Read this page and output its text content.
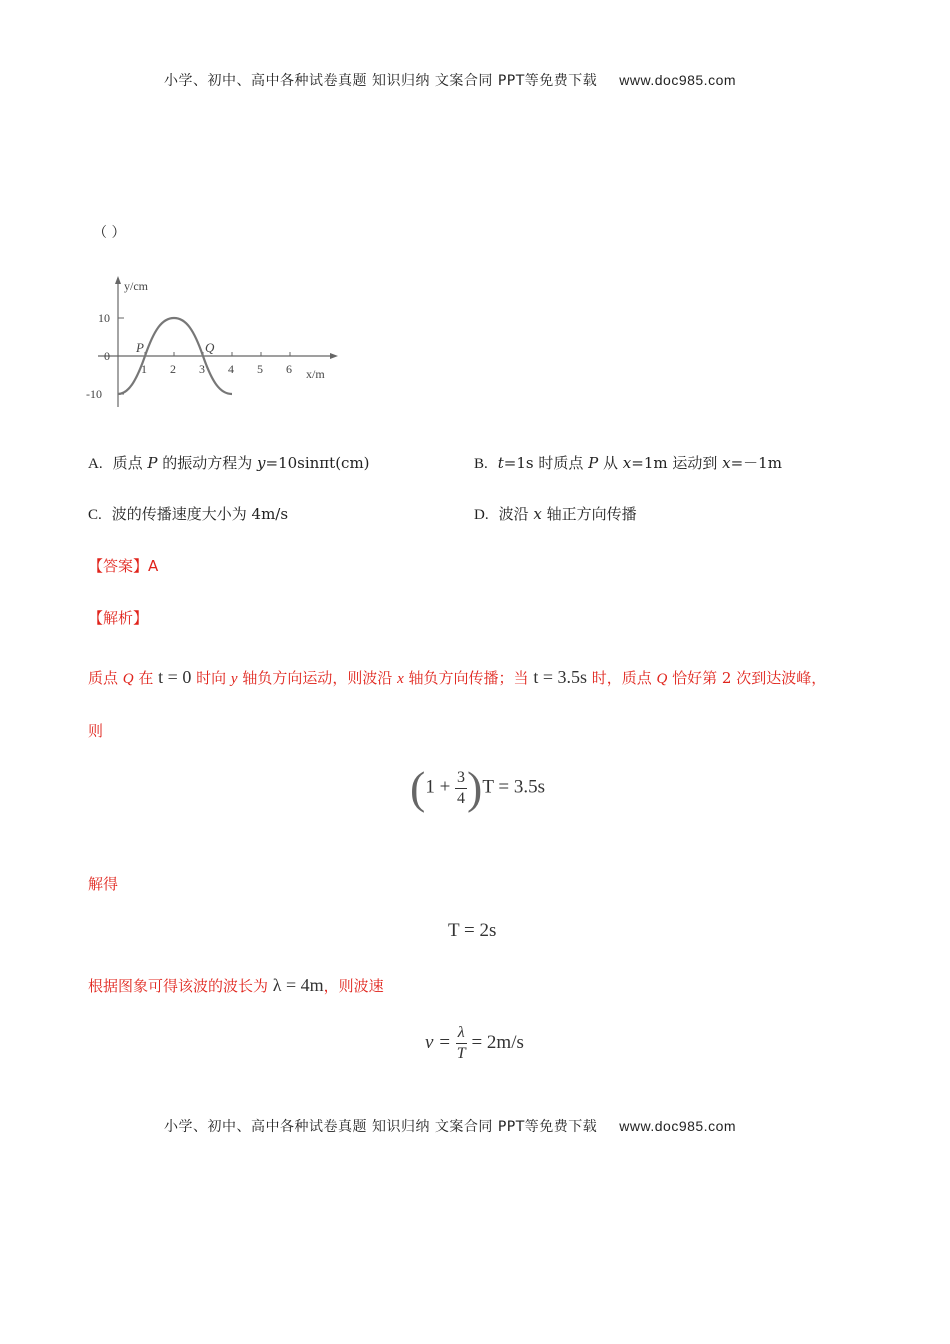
小学、初中、高中各种试卷真题 知识归纳 文案合同 PPT等免费下载 www.doc985.com
（ ）
y/cm
10
0
-10
1 2 3 4 5 6 x/m
P	Q
A. 质点 P 的振动方程为 y=10sinπt(cm)	B. t=1s 时质点 P 从 x=1m 运动到 x=－1m
C. 波的传播速度大小为 4m/s	D. 波沿 x 轴正方向传播
【答案】A
【解析】
质点 Q 在 t = 0 时向 y 轴负方向运动，则波沿 x 轴负方向传播；当 t = 3.5s 时，质点 Q 恰好第 2 次到达波峰，
则
$(1 + \frac{3}{4} )T = 3.5s$
解得
T = 2s
根据图象可得该波的波长为 λ = 4m，则波速
$v = \frac{\lambda}{T} = 2m/s$
小学、初中、高中各种试卷真题 知识归纳 文案合同 PPT等免费下载 www.doc985.com
